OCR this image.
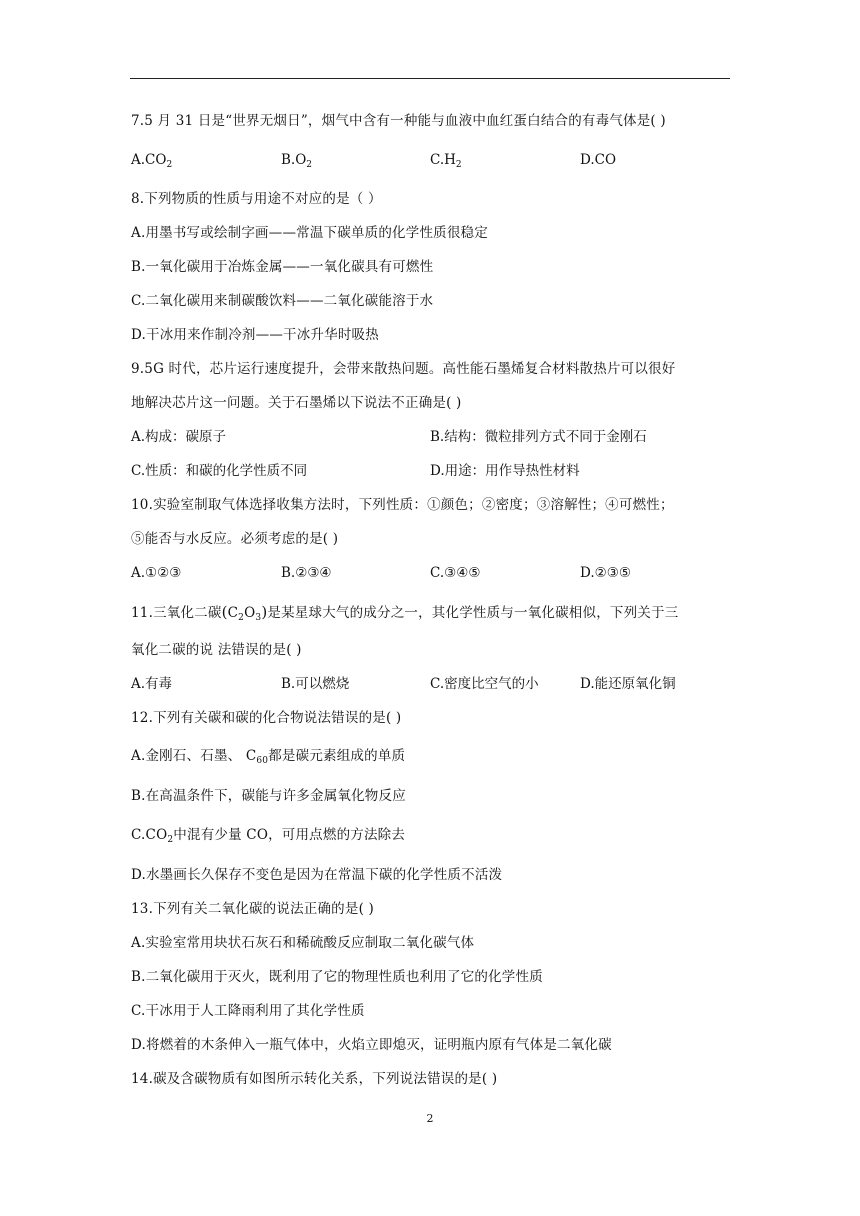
7.5 月 31 日是“世界无烟日”，烟气中含有一种能与血液中血红蛋白结合的有毒气体是( )
$A.CO_2$	$B.O_2$	$C.H_2$	D.CO
8.下列物质的性质与用途不对应的是（ ）
A.用墨书写或绘制字画——常温下碳单质的化学性质很稳定
B.一氧化碳用于冶炼金属——一氧化碳具有可燃性
C.二氧化碳用来制碳酸饮料——二氧化碳能溶于水
D.干冰用来作制冷剂——干冰升华时吸热
9.5G 时代，芯片运行速度提升，会带来散热问题。高性能石墨烯复合材料散热片可以很好
地解决芯片这一问题。关于石墨烯以下说法不正确是( )
A.构成：碳原子	B.结构：微粒排列方式不同于金刚石
C.性质：和碳的化学性质不同	D.用途：用作导热性材料
10.实验室制取气体选择收集方法时，下列性质：①颜色；②密度；③溶解性；④可燃性；
⑤能否与水反应。必须考虑的是( )
A.①②③	B.②③④	C.③④⑤	D.②③⑤
11.三氧化二碳$(C_2O_3)$是某星球大气的成分之一，其化学性质与一氧化碳相似，下列关于三
氧化二碳的说 法错误的是( )
A.有毒	B.可以燃烧	C.密度比空气的小	D.能还原氧化铜
12.下列有关碳和碳的化合物说法错误的是( )
A.金刚石、石墨、 $C_{60}$都是碳元素组成的单质
B.在高温条件下，碳能与许多金属氧化物反应
$C.CO_2$中混有少量 CO，可用点燃的方法除去
D.水墨画长久保存不变色是因为在常温下碳的化学性质不活泼
13.下列有关二氧化碳的说法正确的是( )
A.实验室常用块状石灰石和稀硫酸反应制取二氧化碳气体
B.二氧化碳用于灭火，既利用了它的物理性质也利用了它的化学性质
C.干冰用于人工降雨利用了其化学性质
D.将燃着的木条伸入一瓶气体中，火焰立即熄灭，证明瓶内原有气体是二氧化碳
14.碳及含碳物质有如图所示转化关系，下列说法错误的是( )
2
